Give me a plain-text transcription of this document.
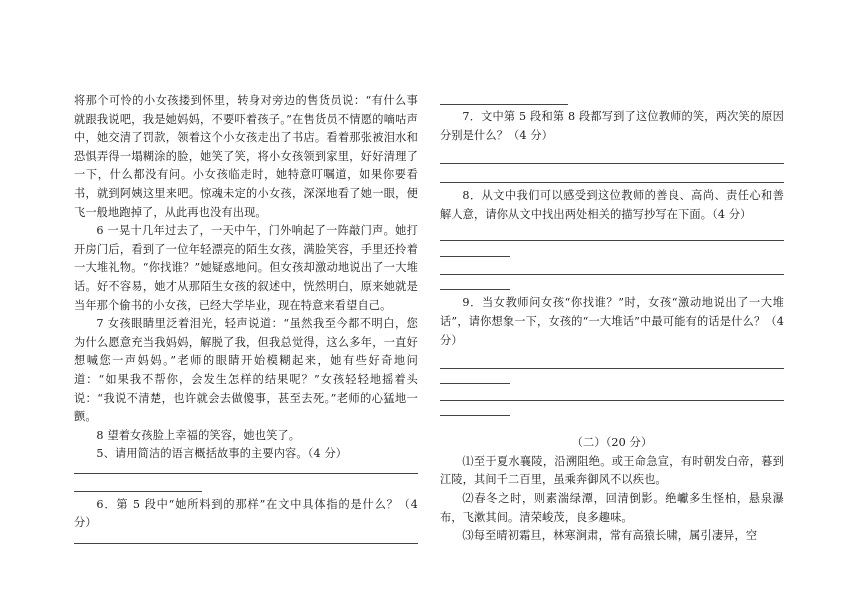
将那个可怜的小女孩搂到怀里，转身对旁边的售货员说：“有什么事就跟我说吧，我是她妈妈，不要吓着孩子。”在售货员不情愿的嘀咕声中，她交清了罚款，领着这个小女孩走出了书店。看着那张被泪水和恐惧弄得一塌糊涂的脸，她笑了笑，将小女孩领到家里，好好清理了一下，什么都没有问。小女孩临走时，她特意叮嘱道，如果你要看书，就到阿姨这里来吧。惊魂未定的小女孩，深深地看了她一眼，便飞一般地跑掉了，从此再也没有出现。

6 一晃十几年过去了，一天中午，门外响起了一阵敲门声。她打开房门后，看到了一位年轻漂亮的陌生女孩，满脸笑容，手里还拎着一大堆礼物。“你找谁？”她疑惑地问。但女孩却激动地说出了一大堆话。好不容易，她才从那陌生女孩的叙述中，恍然明白，原来她就是当年那个偷书的小女孩，已经大学毕业，现在特意来看望自己。

7 女孩眼睛里泛着泪光，轻声说道：“虽然我至今都不明白，您为什么愿意充当我妈妈，解脱了我，但我总觉得，这么多年，一直好想喊您一声妈妈。”老师的眼睛开始模糊起来，她有些好奇地问道：“如果我不帮你，会发生怎样的结果呢？”女孩轻轻地摇着头说：“我说不清楚，也许就会去做傻事，甚至去死。”老师的心猛地一颤。

8 望着女孩脸上幸福的笑容，她也笑了。

5、请用简洁的语言概括故事的主要内容。（4 分）

6．第 5 段中“她所料到的那样”在文中具体指的是什么？（4 分）

7．文中第 5 段和第 8 段都写到了这位教师的笑，两次笑的原因分别是什么？（4 分）

8．从文中我们可以感受到这位教师的善良、高尚、责任心和善解人意，请你从文中找出两处相关的描写抄写在下面。（4 分）

9．当女教师问女孩“你找谁？”时，女孩“激动地说出了一大堆话”，请你想象一下，女孩的“一大堆话”中最可能有的话是什么？（4 分）

（二）（20 分）

⑴至于夏水襄陵，沿溯阻绝。或王命急宣，有时朝发白帝，暮到江陵，其间千二百里，虽乘奔御风不以疾也。

⑵春冬之时，则素湍绿潭，回清倒影。绝巘多生怪柏，悬泉瀑布，飞漱其间。清荣峻茂，良多趣味。

⑶每至晴初霜旦，林寒涧肃，常有高猿长啸，属引凄异，空
